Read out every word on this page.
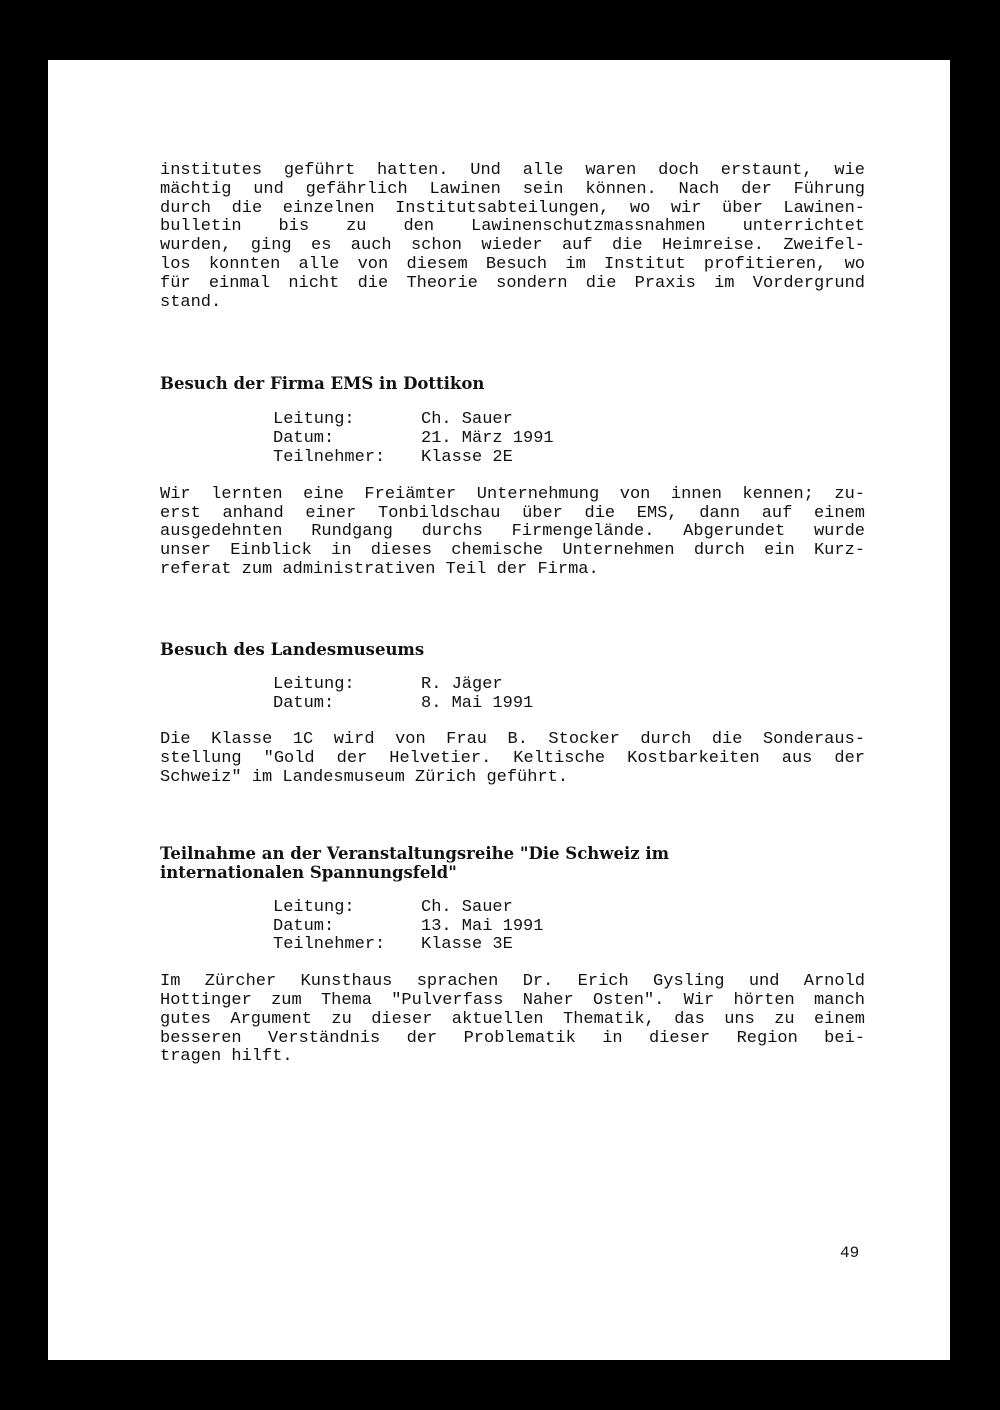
institutes geführt hatten. Und alle waren doch erstaunt, wie
mächtig und gefährlich Lawinen sein können. Nach der Führung
durch die einzelnen Institutsabteilungen, wo wir über Lawinen-
bulletin bis zu den Lawinenschutzmassnahmen unterrichtet
wurden, ging es auch schon wieder auf die Heimreise. Zweifel-
los konnten alle von diesem Besuch im Institut profitieren, wo
für einmal nicht die Theorie sondern die Praxis im Vordergrund
stand.

Besuch der Firma EMS in Dottikon
Leitung:	Ch. Sauer
Datum:	21. März 1991
Teilnehmer:	Klasse 2E

Wir lernten eine Freiämter Unternehmung von innen kennen; zu-
erst anhand einer Tonbildschau über die EMS, dann auf einem
ausgedehnten Rundgang durchs Firmengelände. Abgerundet wurde
unser Einblick in dieses chemische Unternehmen durch ein Kurz-
referat zum administrativen Teil der Firma.

Besuch des Landesmuseums
Leitung:	R. Jäger
Datum:	8. Mai 1991

Die Klasse 1C wird von Frau B. Stocker durch die Sonderaus-
stellung "Gold der Helvetier. Keltische Kostbarkeiten aus der
Schweiz" im Landesmuseum Zürich geführt.

Teilnahme an der Veranstaltungsreihe "Die Schweiz im
internationalen Spannungsfeld"
Leitung:	Ch. Sauer
Datum:	13. Mai 1991
Teilnehmer:	Klasse 3E

Im Zürcher Kunsthaus sprachen Dr. Erich Gysling und Arnold
Hottinger zum Thema "Pulverfass Naher Osten". Wir hörten manch
gutes Argument zu dieser aktuellen Thematik, das uns zu einem
besseren Verständnis der Problematik in dieser Region bei-
tragen hilft.

49
